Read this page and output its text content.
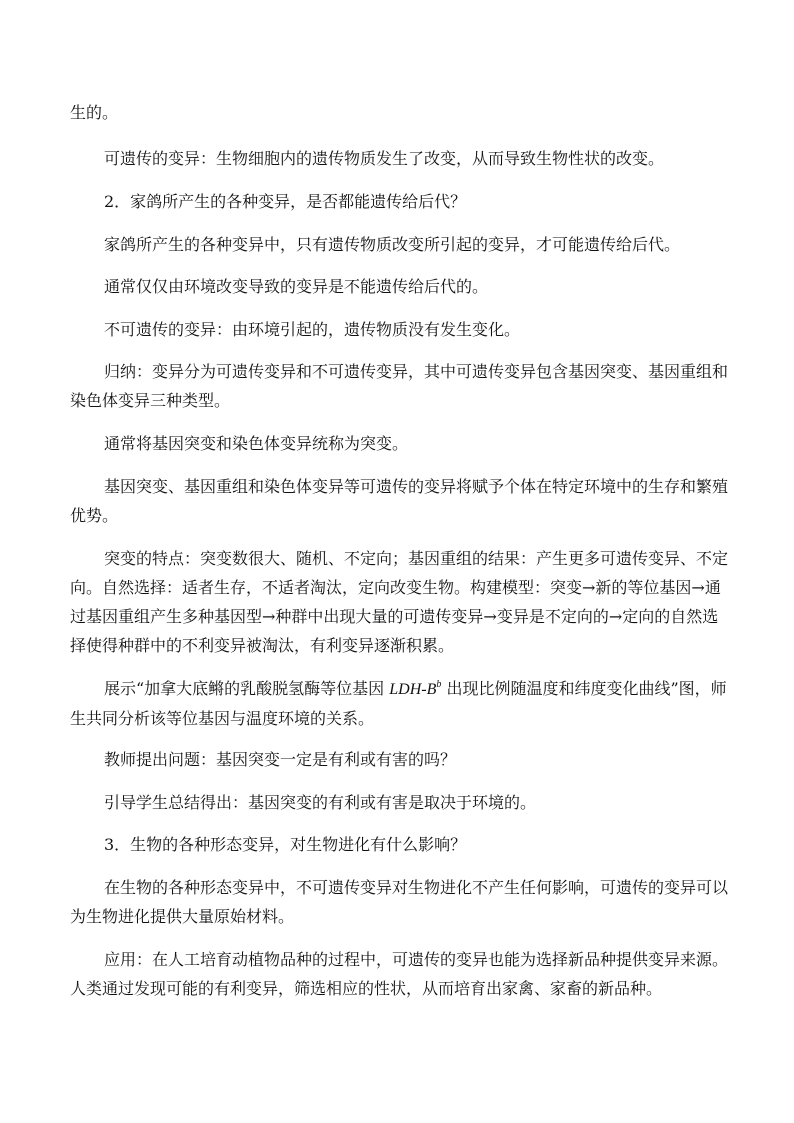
生的。

可遗传的变异：生物细胞内的遗传物质发生了改变，从而导致生物性状的改变。

2．家鸽所产生的各种变异，是否都能遗传给后代？

家鸽所产生的各种变异中，只有遗传物质改变所引起的变异，才可能遗传给后代。

通常仅仅由环境改变导致的变异是不能遗传给后代的。

不可遗传的变异：由环境引起的，遗传物质没有发生变化。

归纳：变异分为可遗传变异和不可遗传变异，其中可遗传变异包含基因突变、基因重组和染色体变异三种类型。

通常将基因突变和染色体变异统称为突变。

基因突变、基因重组和染色体变异等可遗传的变异将赋予个体在特定环境中的生存和繁殖优势。

突变的特点：突变数很大、随机、不定向；基因重组的结果：产生更多可遗传变异、不定向。自然选择：适者生存，不适者淘汰，定向改变生物。构建模型：突变→新的等位基因→通过基因重组产生多种基因型→种群中出现大量的可遗传变异→变异是不定向的→定向的自然选择使得种群中的不利变异被淘汰，有利变异逐渐积累。

展示“加拿大底鳉的乳酸脱氢酶等位基因 LDH-$B^b$ 出现比例随温度和纬度变化曲线”图，师生共同分析该等位基因与温度环境的关系。

教师提出问题：基因突变一定是有利或有害的吗？

引导学生总结得出：基因突变的有利或有害是取决于环境的。

3．生物的各种形态变异，对生物进化有什么影响？

在生物的各种形态变异中，不可遗传变异对生物进化不产生任何影响，可遗传的变异可以为生物进化提供大量原始材料。

应用：在人工培育动植物品种的过程中，可遗传的变异也能为选择新品种提供变异来源。人类通过发现可能的有利变异，筛选相应的性状，从而培育出家禽、家畜的新品种。
